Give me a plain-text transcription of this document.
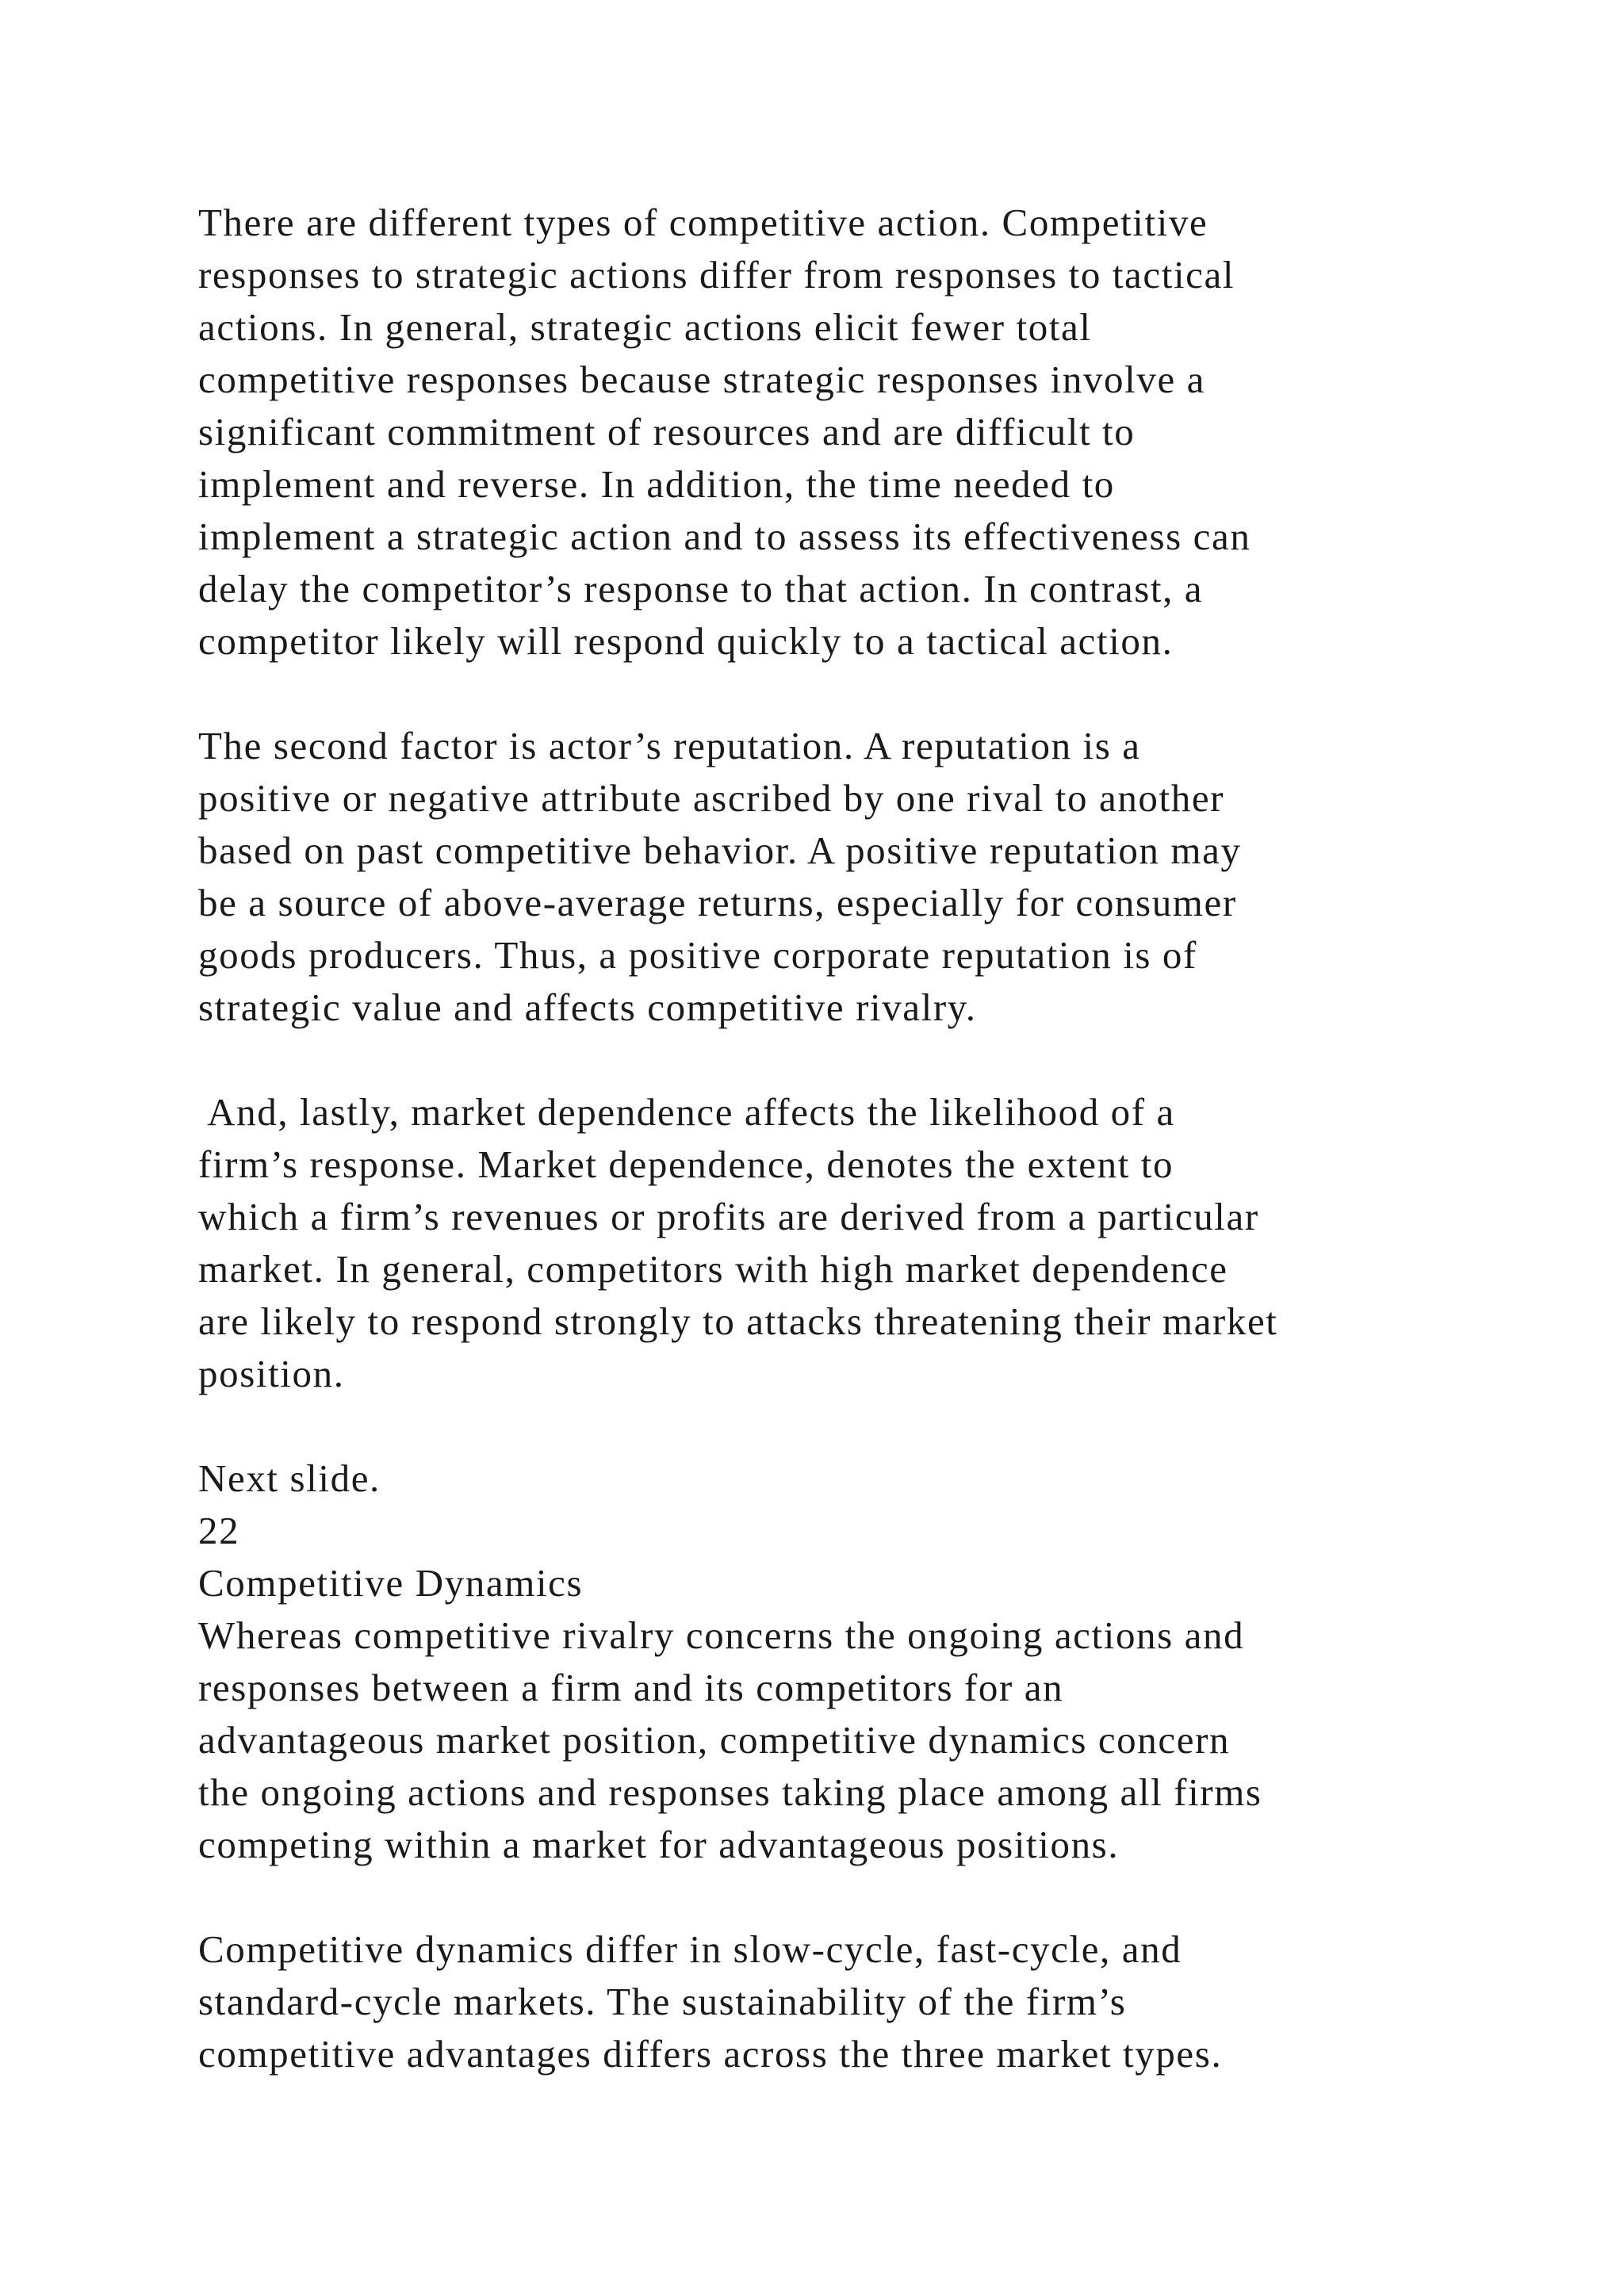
There are different types of competitive action. Competitive
responses to strategic actions differ from responses to tactical
actions. In general, strategic actions elicit fewer total
competitive responses because strategic responses involve a
significant commitment of resources and are difficult to
implement and reverse. In addition, the time needed to
implement a strategic action and to assess its effectiveness can
delay the competitor’s response to that action. In contrast, a
competitor likely will respond quickly to a tactical action.
The second factor is actor’s reputation. A reputation is a
positive or negative attribute ascribed by one rival to another
based on past competitive behavior. A positive reputation may
be a source of above-average returns, especially for consumer
goods producers. Thus, a positive corporate reputation is of
strategic value and affects competitive rivalry.
And, lastly, market dependence affects the likelihood of a
firm’s response. Market dependence, denotes the extent to
which a firm’s revenues or profits are derived from a particular
market. In general, competitors with high market dependence
are likely to respond strongly to attacks threatening their market
position.
Next slide.
22
Competitive Dynamics
Whereas competitive rivalry concerns the ongoing actions and
responses between a firm and its competitors for an
advantageous market position, competitive dynamics concern
the ongoing actions and responses taking place among all firms
competing within a market for advantageous positions.
Competitive dynamics differ in slow-cycle, fast-cycle, and
standard-cycle markets. The sustainability of the firm’s
competitive advantages differs across the three market types.
